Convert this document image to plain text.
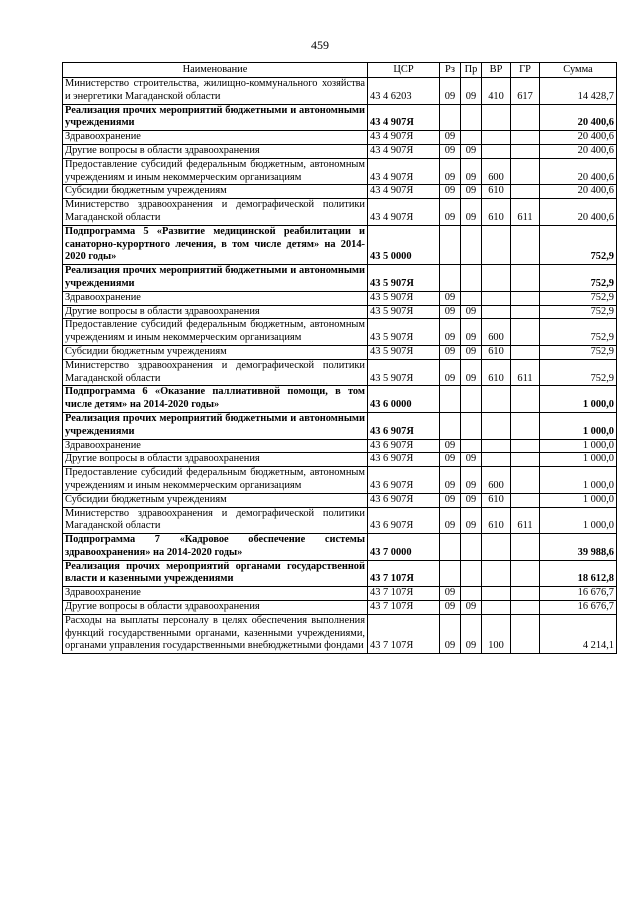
459
Наименование	ЦСР	Рз	Пр	ВР	ГР	Сумма
Министерство строительства, жилищно-коммунального хозяйства и энергетики Магаданской области	43 4 6203	09	09	410	617	14 428,7
Реализация прочих мероприятий бюджетными и автономными учреждениями	43 4 907Я					20 400,6
Здравоохранение	43 4 907Я	09				20 400,6
Другие вопросы в области здравоохранения	43 4 907Я	09	09			20 400,6
Предоставление субсидий федеральным бюджетным, автономным учреждениям и иным некоммерческим организациям	43 4 907Я	09	09	600		20 400,6
Субсидии бюджетным учреждениям	43 4 907Я	09	09	610		20 400,6
Министерство здравоохранения и демографической политики Магаданской области	43 4 907Я	09	09	610	611	20 400,6
Подпрограмма 5 «Развитие медицинской реабилитации и санаторно-курортного лечения, в том числе детям» на 2014-2020 годы»	43 5 0000					752,9
Реализация прочих мероприятий бюджетными и автономными учреждениями	43 5 907Я					752,9
Здравоохранение	43 5 907Я	09				752,9
Другие вопросы в области здравоохранения	43 5 907Я	09	09			752,9
Предоставление субсидий федеральным бюджетным, автономным учреждениям и иным некоммерческим организациям	43 5 907Я	09	09	600		752,9
Субсидии бюджетным учреждениям	43 5 907Я	09	09	610		752,9
Министерство здравоохранения и демографической политики Магаданской области	43 5 907Я	09	09	610	611	752,9
Подпрограмма 6 «Оказание паллиативной помощи, в том числе детям» на 2014-2020 годы»	43 6 0000					1 000,0
Реализация прочих мероприятий бюджетными и автономными учреждениями	43 6 907Я					1 000,0
Здравоохранение	43 6 907Я	09				1 000,0
Другие вопросы в области здравоохранения	43 6 907Я	09	09			1 000,0
Предоставление субсидий федеральным бюджетным, автономным учреждениям и иным некоммерческим организациям	43 6 907Я	09	09	600		1 000,0
Субсидии бюджетным учреждениям	43 6 907Я	09	09	610		1 000,0
Министерство здравоохранения и демографической политики Магаданской области	43 6 907Я	09	09	610	611	1 000,0
Подпрограмма 7 «Кадровое обеспечение системы здравоохранения» на 2014-2020 годы»	43 7 0000					39 988,6
Реализация прочих мероприятий органами государственной власти и казенными учреждениями	43 7 107Я					18 612,8
Здравоохранение	43 7 107Я	09				16 676,7
Другие вопросы в области здравоохранения	43 7 107Я	09	09			16 676,7
Расходы на выплаты персоналу в целях обеспечения выполнения функций государственными органами, казенными учреждениями, органами управления государственными внебюджетными фондами	43 7 107Я	09	09	100		4 214,1
